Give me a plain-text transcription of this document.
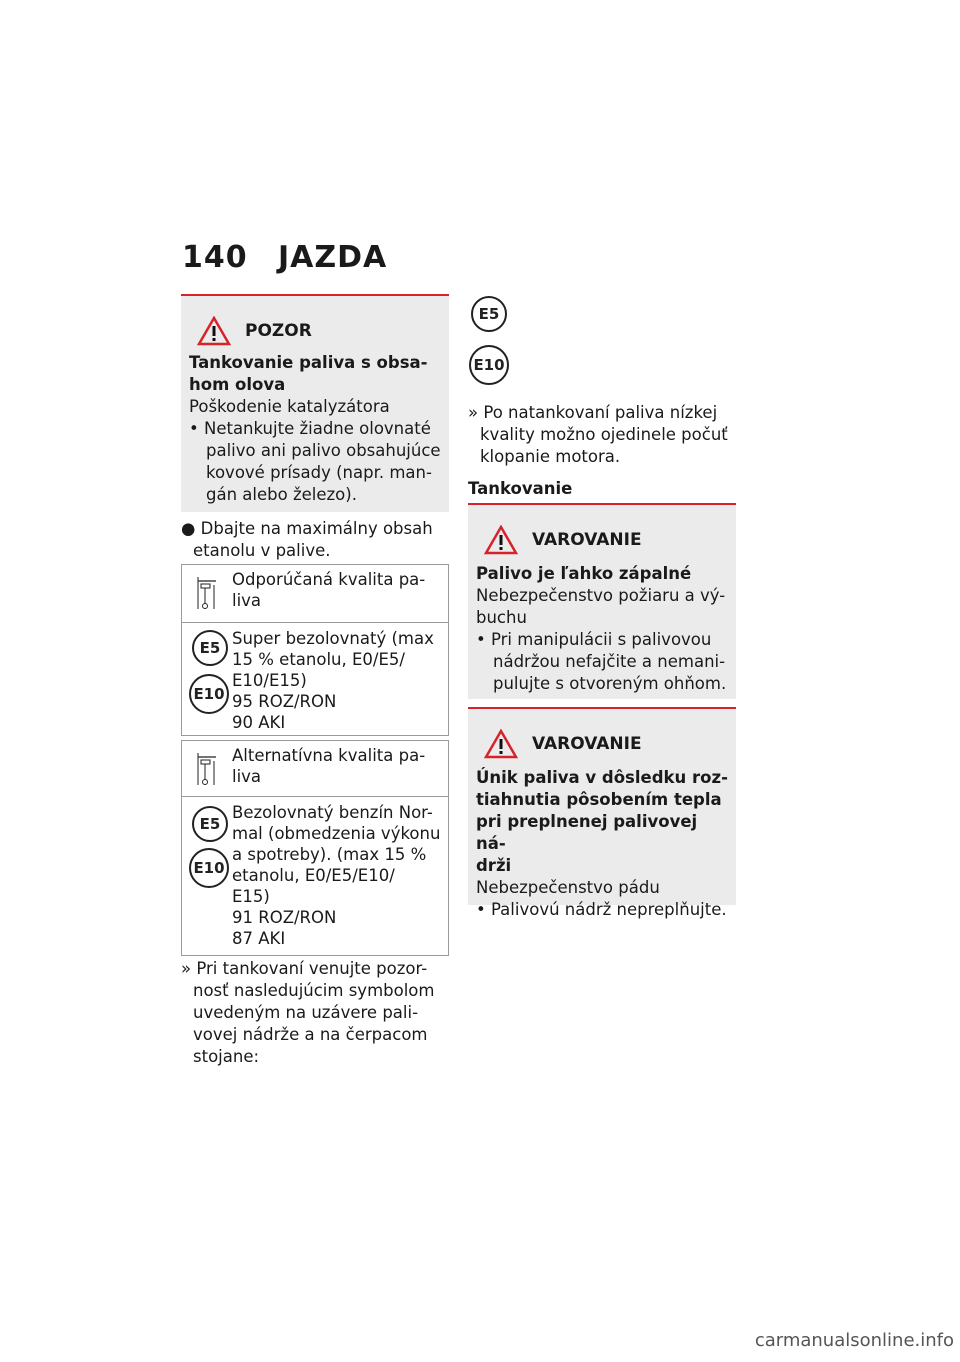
140 JAZDA
POZOR
Tankovanie paliva s obsa-
hom olova
Poškodenie katalyzátora
• Netankujte žiadne olovnaté
palivo ani palivo obsahujúce
kovové prísady (napr. man-
gán alebo železo).
● Dbajte na maximálny obsah
etanolu v palive.
Odporúčaná kvalita pa-
liva
E5
E10
Super bezolovnatý (max
15 % etanolu, E0/E5/
E10/E15)
95 ROZ/RON
90 AKI
Alternatívna kvalita pa-
liva
E5
E10
Bezolovnatý benzín Nor-
mal (obmedzenia výkonu
a spotreby). (max 15 %
etanolu, E0/E5/E10/
E15)
91 ROZ/RON
87 AKI
» Pri tankovaní venujte pozor-
nosť nasledujúcim symbolom
uvedeným na uzávere pali-
vovej nádrže a na čerpacom
stojane:
E5
E10
» Po natankovaní paliva nízkej
kvality možno ojedinele počuť
klopanie motora.
Tankovanie
VAROVANIE
Palivo je ľahko zápalné
Nebezpečenstvo požiaru a vý-
buchu
• Pri manipulácii s palivovou
nádržou nefajčite a nemani-
pulujte s otvoreným ohňom.
VAROVANIE
Únik paliva v dôsledku roz-
tiahnutia pôsobením tepla
pri preplnenej palivovej ná-
drži
Nebezpečenstvo pádu
• Palivovú nádrž nepreplňujte.
carmanualsonline.info
